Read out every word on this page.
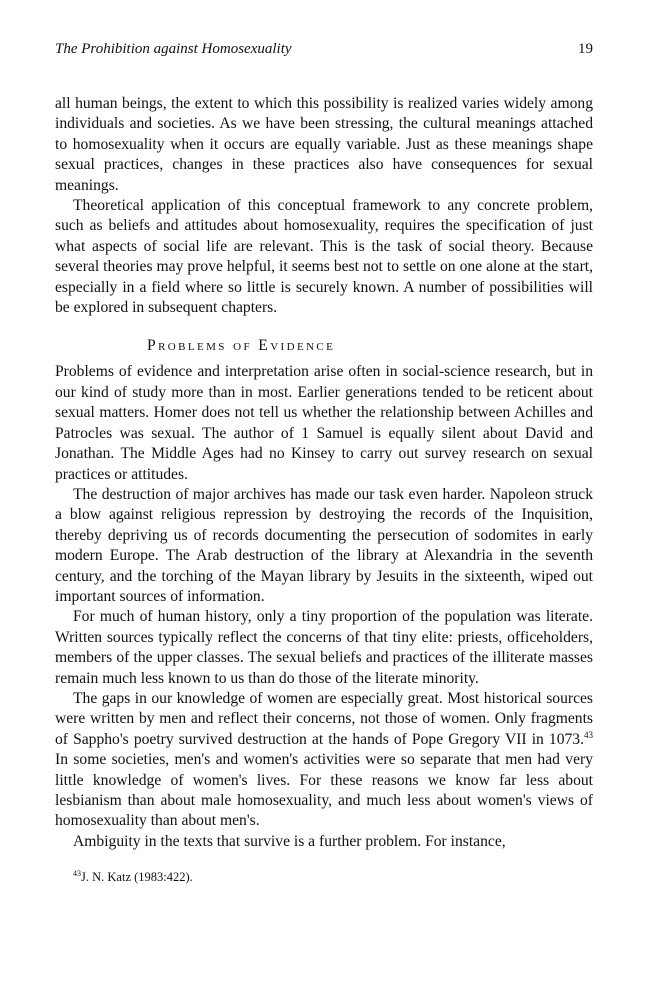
The Prohibition against Homosexuality	19

all human beings, the extent to which this possibility is realized varies widely among individuals and societies. As we have been stressing, the cultural meanings attached to homosexuality when it occurs are equally variable. Just as these meanings shape sexual practices, changes in these practices also have consequences for sexual meanings.

Theoretical application of this conceptual framework to any concrete problem, such as beliefs and attitudes about homosexuality, requires the specification of just what aspects of social life are relevant. This is the task of social theory. Because several theories may prove helpful, it seems best not to settle on one alone at the start, especially in a field where so little is securely known. A number of possibilities will be explored in subsequent chapters.

Problems of Evidence

Problems of evidence and interpretation arise often in social-science research, but in our kind of study more than in most. Earlier generations tended to be reticent about sexual matters. Homer does not tell us whether the relationship between Achilles and Patrocles was sexual. The author of 1 Samuel is equally silent about David and Jonathan. The Middle Ages had no Kinsey to carry out survey research on sexual practices or attitudes.

The destruction of major archives has made our task even harder. Napoleon struck a blow against religious repression by destroying the records of the Inquisition, thereby depriving us of records documenting the persecution of sodomites in early modern Europe. The Arab destruction of the library at Alexandria in the seventh century, and the torching of the Mayan library by Jesuits in the sixteenth, wiped out important sources of information.

For much of human history, only a tiny proportion of the population was literate. Written sources typically reflect the concerns of that tiny elite: priests, officeholders, members of the upper classes. The sexual beliefs and practices of the illiterate masses remain much less known to us than do those of the literate minority.

The gaps in our knowledge of women are especially great. Most historical sources were written by men and reflect their concerns, not those of women. Only fragments of Sappho's poetry survived destruction at the hands of Pope Gregory VII in 1073.43 In some societies, men's and women's activities were so separate that men had very little knowledge of women's lives. For these reasons we know far less about lesbianism than about male homosexuality, and much less about women's views of homosexuality than about men's.

Ambiguity in the texts that survive is a further problem. For instance,

$^{43}$J. N. Katz (1983:422).
